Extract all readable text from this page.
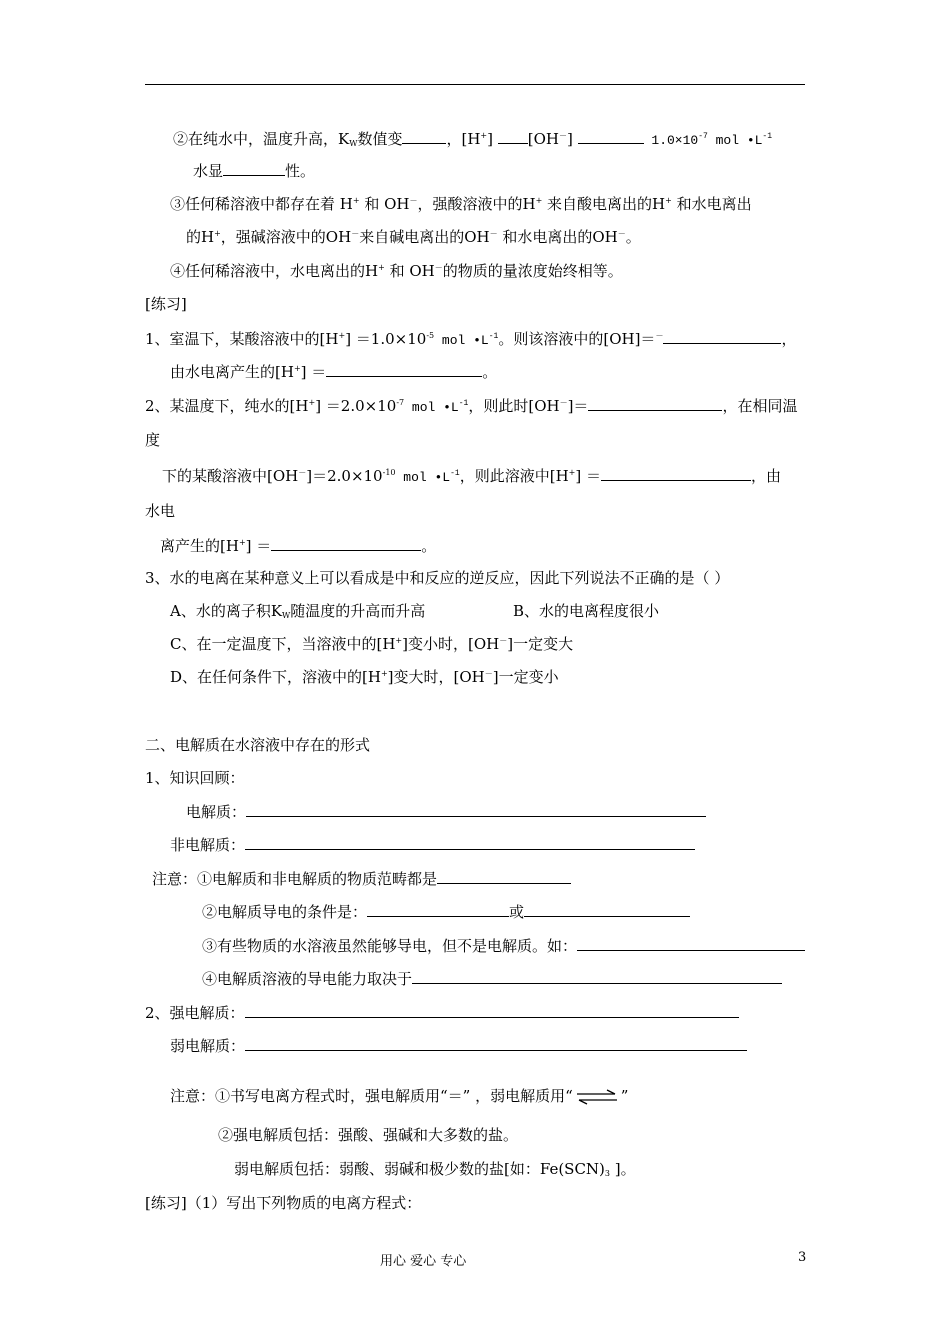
②在纯水中，温度升高，$K_W$数值变	，[H+] [OH－]	$1.0\times 10^{-7}$ mol $•L^{-1}$
水显	性。
③任何稀溶液中都存在着 H+ 和 OH－，强酸溶液中的H+ 来自酸电离出的H+ 和水电离出
的H+，强碱溶液中的OH－来自碱电离出的OH－ 和水电离出的OH－。
④任何稀溶液中，水电离出的H+ 和 OH－的物质的量浓度始终相等。
[练习]
1、室温下，某酸溶液中的$[H^+] =1.0\times 10^{-5}$ mol $•L^{-1}$。则该溶液中的[OH]＝－	，
由水电离产生的[H+] ＝	。
2、某温度下，纯水的$[H^+] =2.0\times 10^{-7}$ mol $•L^{-1}$，则此时[OH－]＝	，在相同温
度
下的某酸溶液中$[OH^-]=2.0\times 10^{-10}$ mol $•L^{-1}$，则此溶液中[H+] ＝	，由
水电
离产生的[H+] ＝	。
3、水的电离在某种意义上可以看成是中和反应的逆反应，因此下列说法不正确的是（ ）
A、水的离子积$K_W$随温度的升高而升高	B、水的电离程度很小
C、在一定温度下，当溶液中的[H+]变小时，[OH－]一定变大
D、在任何条件下，溶液中的[H+]变大时，[OH－]一定变小
二、电解质在水溶液中存在的形式
1、知识回顾：
电解质：
非电解质：
注意：①电解质和非电解质的物质范畴都是
②电解质导电的条件是：	或
③有些物质的水溶液虽然能够导电，但不是电解质。如：
④电解质溶液的导电能力取决于
2、强电解质：
弱电解质：
注意：①书写电离方程式时，强电解质用“＝” ，弱电解质用“ ⇌ ”
②强电解质包括：强酸、强碱和大多数的盐。
弱电解质包括：弱酸、弱碱和极少数的盐[如：$Fe(SCN)_3$ ]。
[练习]（1）写出下列物质的电离方程式：
用心 爱心 专心	3
